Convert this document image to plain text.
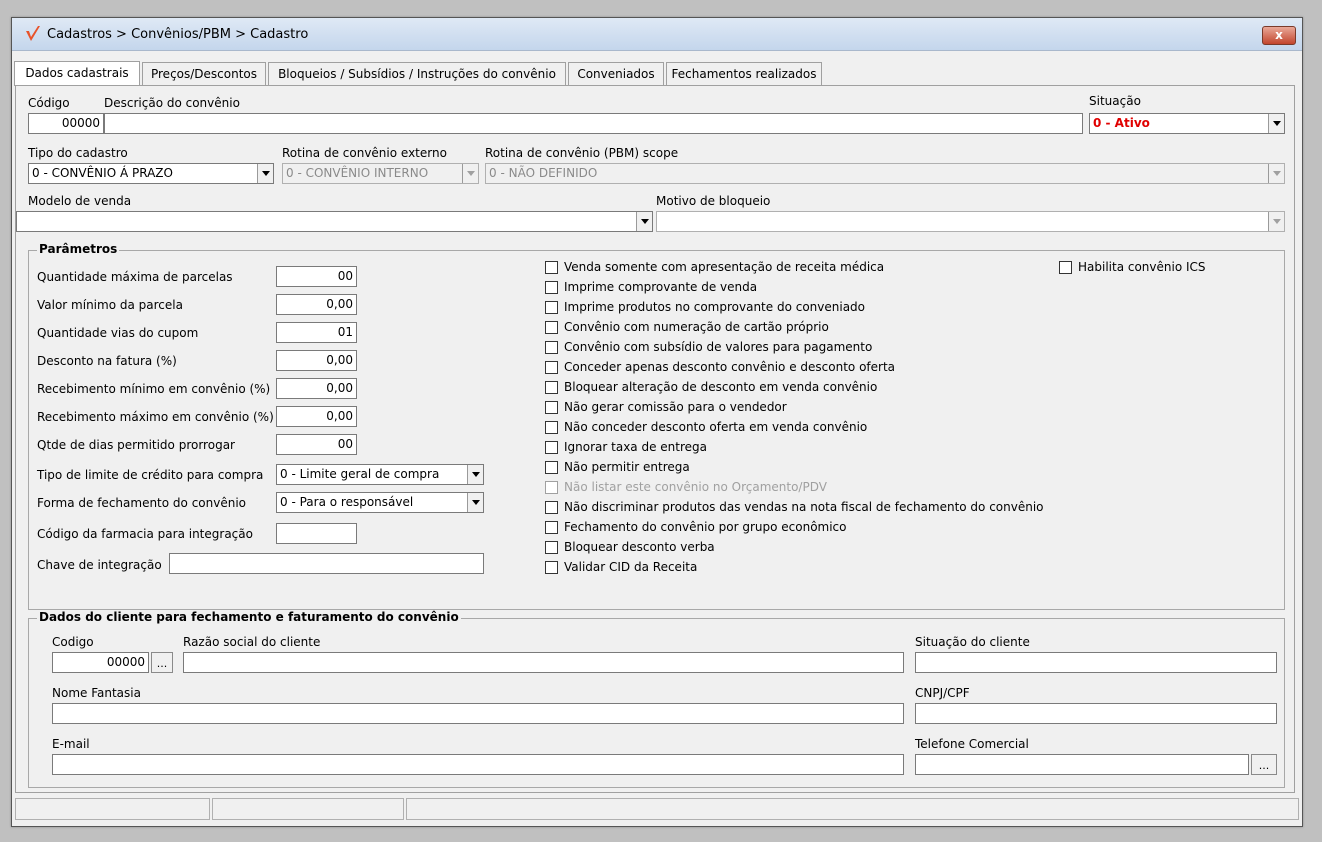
Cadastros > Convênios/PBM > Cadastro	x
Dados cadastrais	Preços/Descontos	Bloqueios / Subsídios / Instruções do convênio	Conveniados	Fechamentos realizados
Código
00000
Descrição do convênio	Situação
0 - Ativo
Tipo do cadastro
0 - CONVÊNIO Á PRAZO
Rotina de convênio externo
0 - CONVÊNIO INTERNO
Rotina de convênio (PBM) scope
0 - NÃO DEFINIDO
Modelo de venda	Motivo de bloqueio
Parâmetros
Quantidade máxima de parcelas	00
Valor mínimo da parcela	0,00
Quantidade vias do cupom	01
Desconto na fatura (%)	0,00
Recebimento mínimo em convênio (%)	0,00
Recebimento máximo em convênio (%)	0,00
Qtde de dias permitido prorrogar	00
Tipo de limite de crédito para compra	0 - Limite geral de compra
Forma de fechamento do convênio	0 - Para o responsável
Código da farmacia para integração
Chave de integração
Venda somente com apresentação de receita médica
Imprime comprovante de venda
Imprime produtos no comprovante do conveniado
Convênio com numeração de cartão próprio
Convênio com subsídio de valores para pagamento
Conceder apenas desconto convênio e desconto oferta
Bloquear alteração de desconto em venda convênio
Não gerar comissão para o vendedor
Não conceder desconto oferta em venda convênio
Ignorar taxa de entrega
Não permitir entrega
Não listar este convênio no Orçamento/PDV
Não discriminar produtos das vendas na nota fiscal de fechamento do convênio
Fechamento do convênio por grupo econômico
Bloquear desconto verba
Validar CID da Receita
Habilita convênio ICS
Dados do cliente para fechamento e faturamento do convênio
Codigo
00000	...
Razão social do cliente	Situação do cliente
Nome Fantasia	CNPJ/CPF
E-mail	Telefone Comercial
...
